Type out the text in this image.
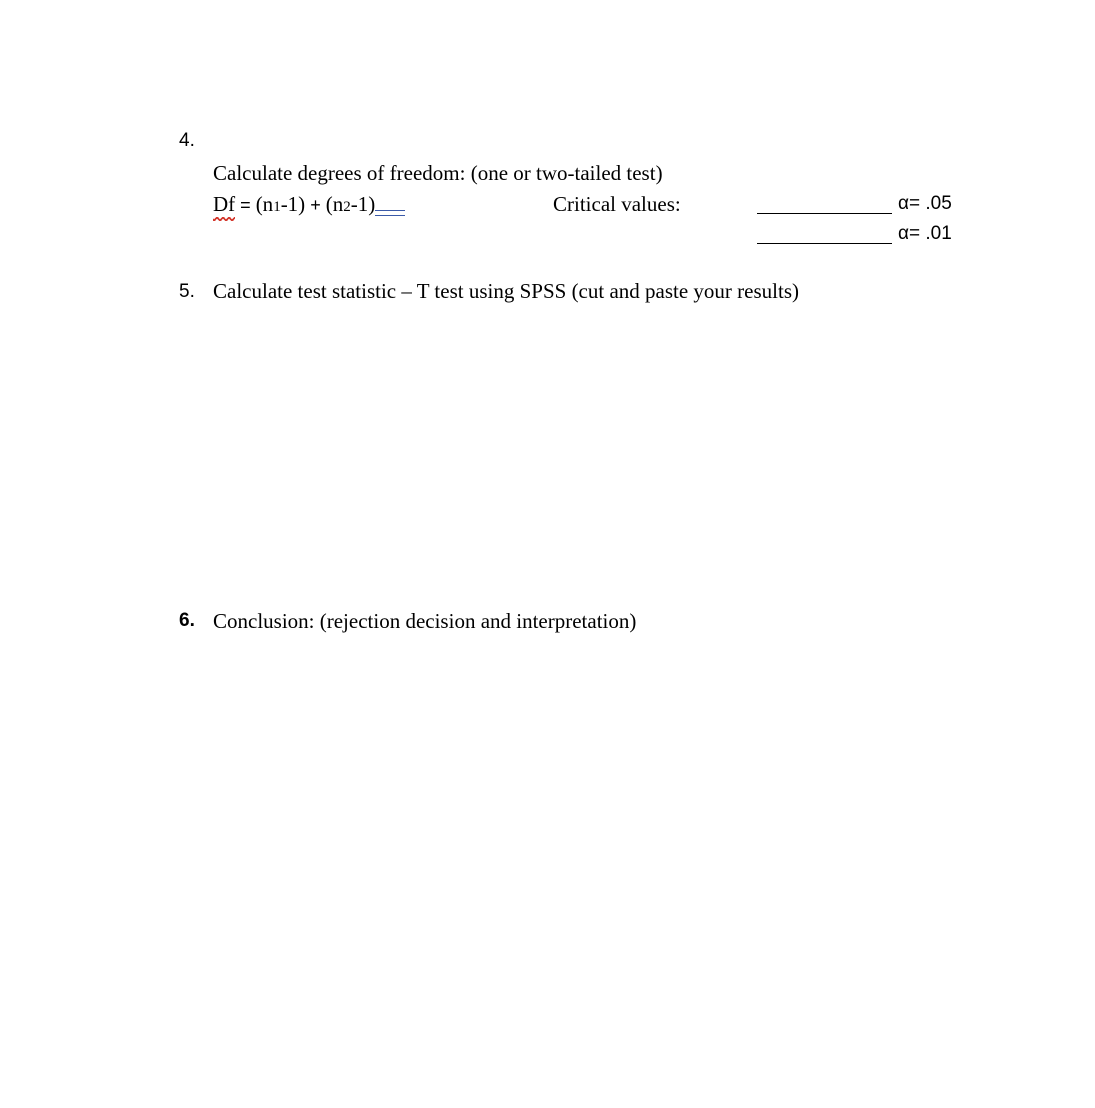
4.
Calculate degrees of freedom: (one or two-tailed test)
Df = (n1-1) + (n2-1)	Critical values:	α= .05
α= .01
5. Calculate test statistic – T test using SPSS (cut and paste your results)
6. Conclusion: (rejection decision and interpretation)
